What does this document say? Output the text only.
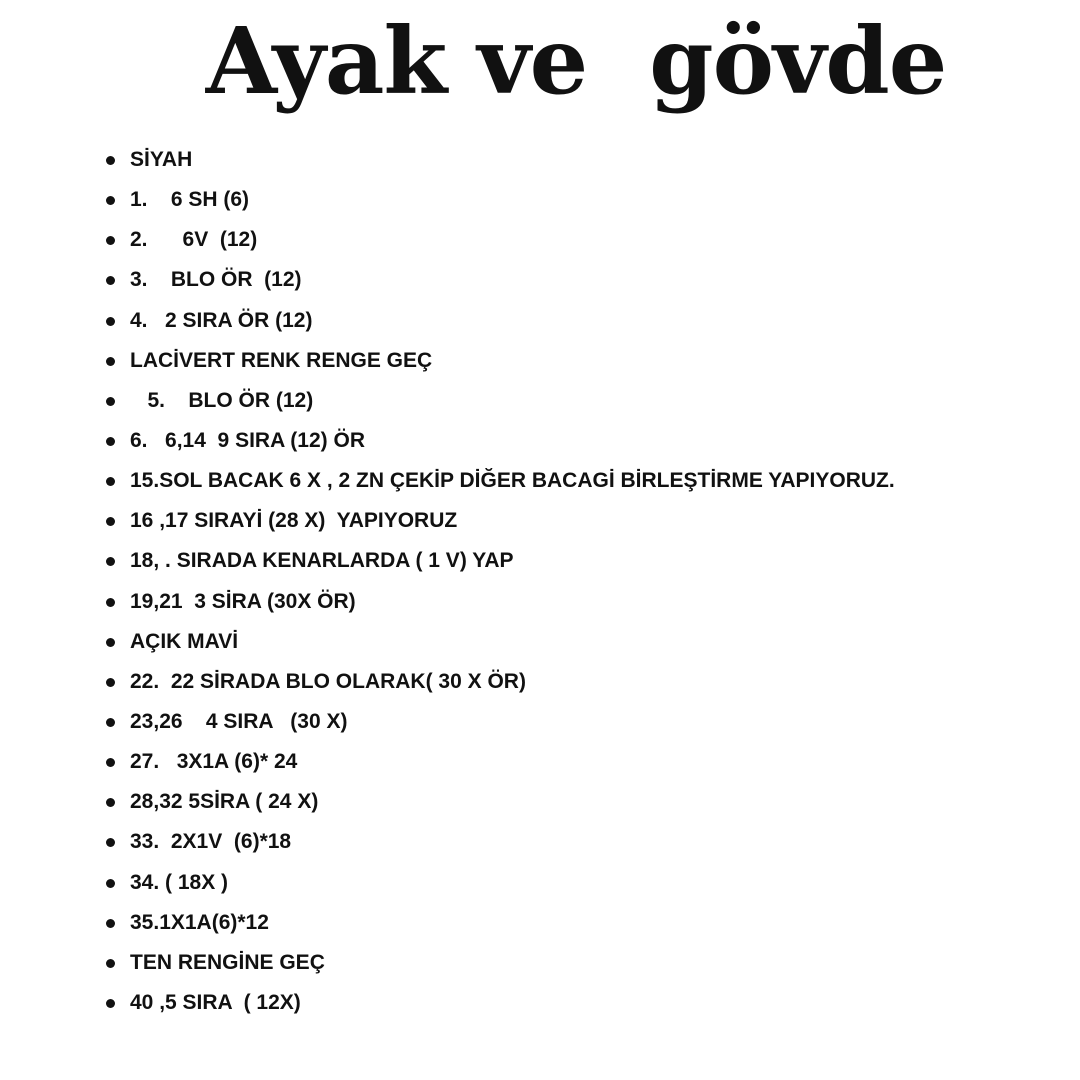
Ayak ve  gövde
SİYAH
1.    6 SH (6)
2.      6V  (12)
3.    BLO ÖR  (12)
4.   2 SIRA ÖR (12)
LACİVERT RENK RENGE GEÇ
5.    BLO ÖR (12)
6.   6,14  9 SIRA (12) ÖR
15.SOL BACAK 6 X , 2 ZN ÇEKİP DİĞER BACAGİ BİRLEŞTİRME YAPIYORUZ.
16 ,17 SIRAYİ (28 X)  YAPIYORUZ
18, . SIRADA KENARLARDA ( 1 V) YAP
19,21  3 SİRA (30X ÖR)
AÇIK MAVİ
22.  22 SİRADA BLO OLARAK( 30 X ÖR)
23,26    4 SIRA   (30 X)
27.   3X1A (6)* 24
28,32 5SİRA ( 24 X)
33.  2X1V  (6)*18
34. ( 18X )
35.1X1A(6)*12
TEN RENGİNE GEÇ
40 ,5 SIRA  ( 12X)
